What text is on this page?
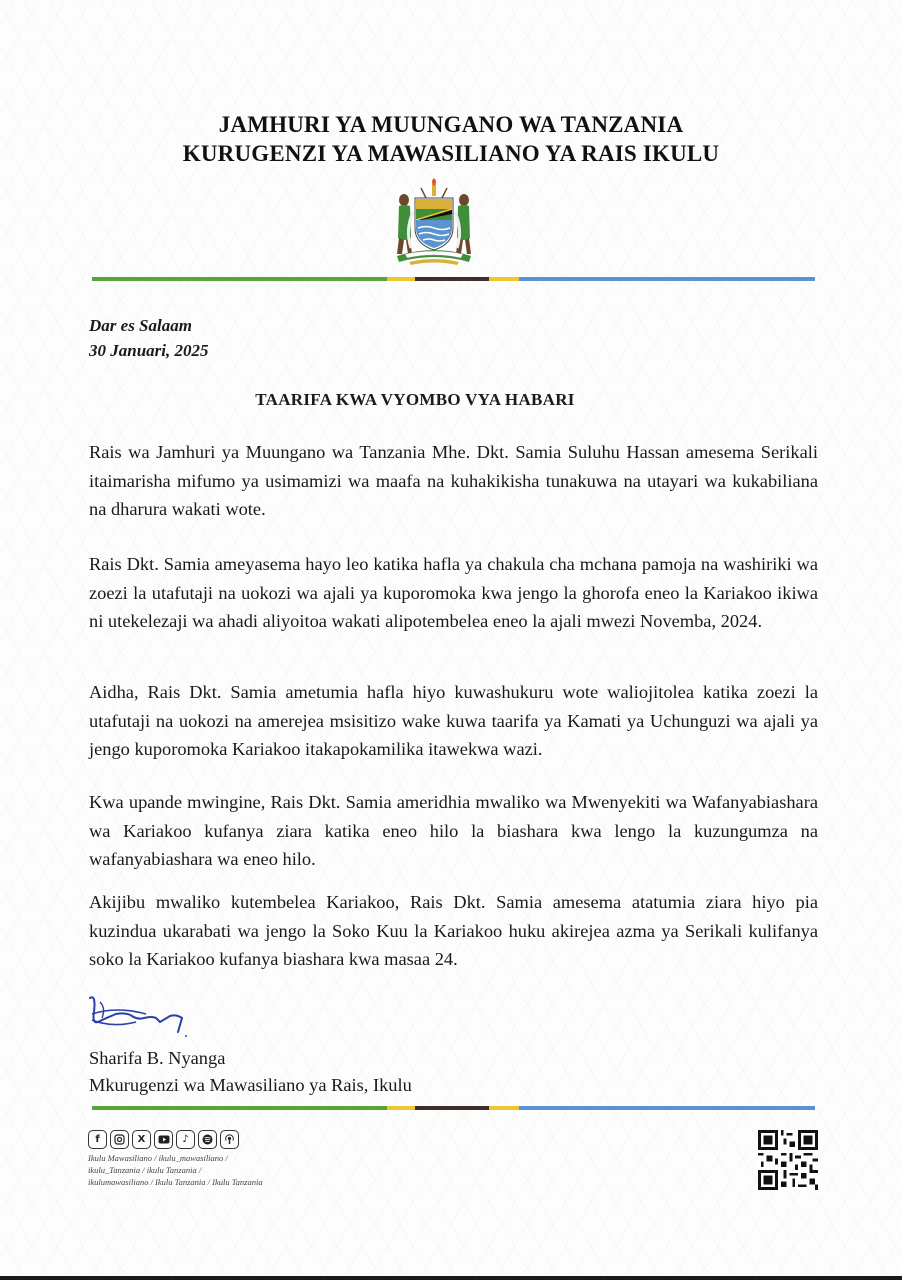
JAMHURI YA MUUNGANO WA TANZANIA
KURUGENZI YA MAWASILIANO YA RAIS IKULU
Dar es Salaam
30 Januari, 2025
TAARIFA KWA VYOMBO VYA HABARI
Rais wa Jamhuri ya Muungano wa Tanzania Mhe. Dkt. Samia Suluhu Hassan amesema Serikali itaimarisha mifumo ya usimamizi wa maafa na kuhakikisha tunakuwa na utayari wa kukabiliana na dharura wakati wote.
Rais Dkt. Samia ameyasema hayo leo katika hafla ya chakula cha mchana pamoja na washiriki wa zoezi la utafutaji na uokozi wa ajali ya kuporomoka kwa jengo la ghorofa eneo la Kariakoo ikiwa ni utekelezaji wa ahadi aliyoitoa wakati alipotembelea eneo la ajali mwezi Novemba, 2024.
Aidha, Rais Dkt. Samia ametumia hafla hiyo kuwashukuru wote waliojitolea katika zoezi la utafutaji na uokozi na amerejea msisitizo wake kuwa taarifa ya Kamati ya Uchunguzi wa ajali ya jengo kuporomoka Kariakoo itakapokamilika itawekwa wazi.
Kwa upande mwingine, Rais Dkt. Samia ameridhia mwaliko wa Mwenyekiti wa Wafanyabiashara wa Kariakoo kufanya ziara katika eneo hilo la biashara kwa lengo la kuzungumza na wafanyabiashara wa eneo hilo.
Akijibu mwaliko kutembelea Kariakoo, Rais Dkt. Samia amesema atatumia ziara hiyo pia kuzindua ukarabati wa jengo la Soko Kuu la Kariakoo huku akirejea azma ya Serikali kulifanya soko la Kariakoo kufanya biashara kwa masaa 24.
Sharifa B. Nyanga
Mkurugenzi wa Mawasiliano ya Rais, Ikulu
f	X	♪
Ikulu Mawasiliano / ikulu_mawasiliano /
ikulu_Tanzania / ikulu Tanzania /
ikulumawasiliano / Ikulu Tanzania / Ikulu Tanzania
